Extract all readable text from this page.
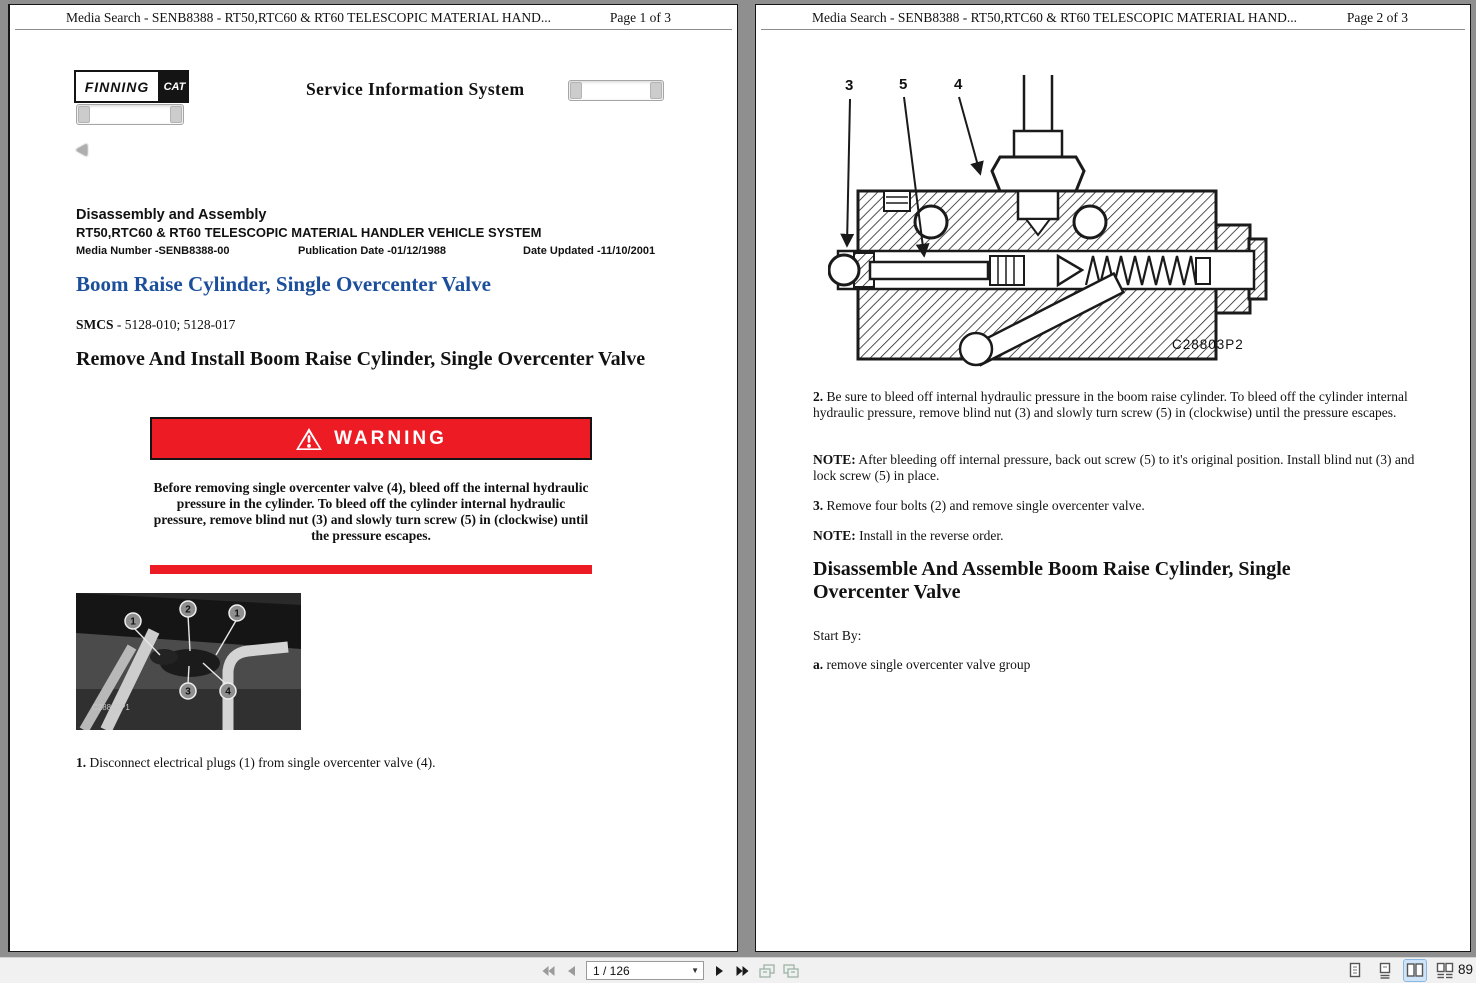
Media Search - SENB8388 - RT50,RTC60 & RT60 TELESCOPIC MATERIAL HAND...	Page 1 of 3
FINNING	CAT	Service Information System
Disassembly and Assembly
RT50,RTC60 & RT60 TELESCOPIC MATERIAL HANDLER VEHICLE SYSTEM
Media Number -SENB8388-00	Publication Date -01/12/1988	Date Updated -11/10/2001
Boom Raise Cylinder, Single Overcenter Valve
SMCS - 5128-010; 5128-017
Remove And Install Boom Raise Cylinder, Single Overcenter Valve
WARNING
Before removing single overcenter valve (4), bleed off the internal hydraulic pressure in the cylinder. To bleed off the cylinder internal hydraulic pressure, remove blind nut (3) and slowly turn screw (5) in (clockwise) until the pressure escapes.
1
2	1
3	4
C28805P1
1. Disconnect electrical plugs (1) from single overcenter valve (4).
Media Search - SENB8388 - RT50,RTC60 & RT60 TELESCOPIC MATERIAL HAND...	Page 2 of 3
3	5	4
C28803P2
2. Be sure to bleed off internal hydraulic pressure in the boom raise cylinder. To bleed off the cylinder internal hydraulic pressure, remove blind nut (3) and slowly turn screw (5) in (clockwise) until the pressure escapes.
NOTE: After bleeding off internal pressure, back out screw (5) to it's original position. Install blind nut (3) and lock screw (5) in place.
3. Remove four bolts (2) and remove single overcenter valve.
NOTE: Install in the reverse order.
Disassemble And Assemble Boom Raise Cylinder, Single Overcenter Valve
Start By:
a. remove single overcenter valve group
1 / 126	▼	89
